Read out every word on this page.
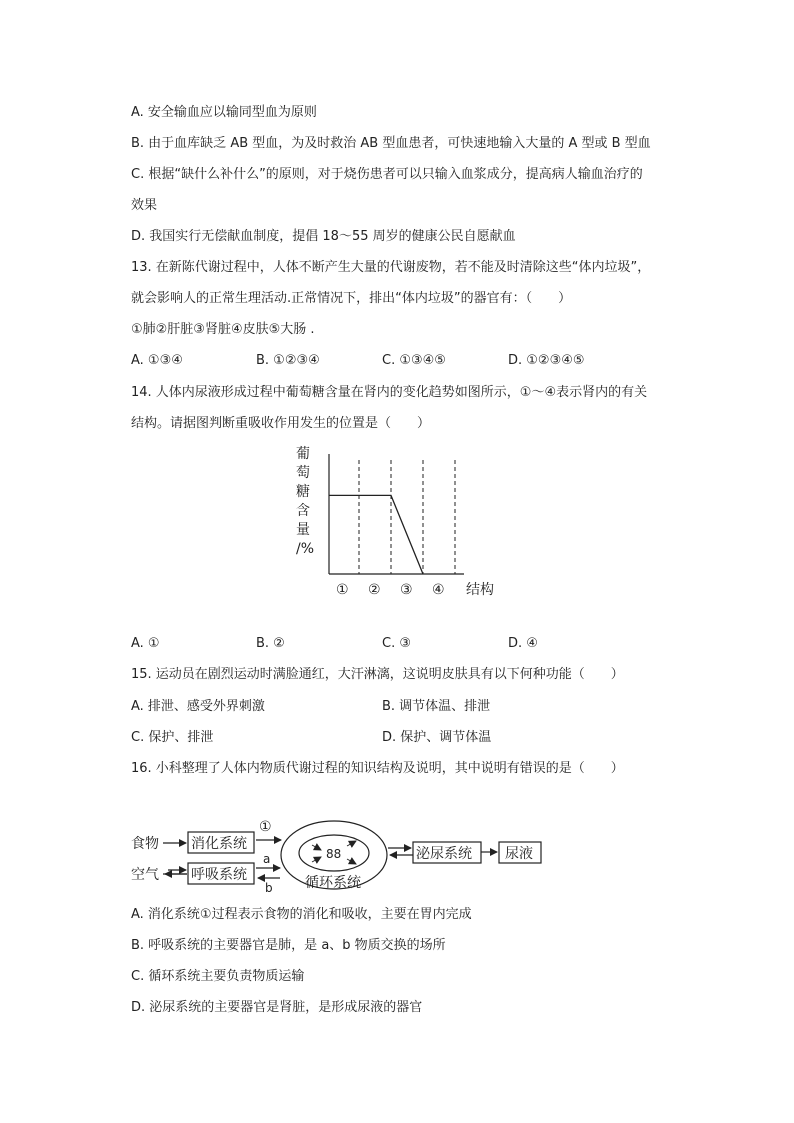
A. 安全输血应以输同型血为原则
B. 由于血库缺乏 AB 型血，为及时救治 AB 型血患者，可快速地输入大量的 A 型或 B 型血
C. 根据“缺什么补什么”的原则，对于烧伤患者可以只输入血浆成分，提高病人输血治疗的
效果
D. 我国实行无偿献血制度，提倡 18～55 周岁的健康公民自愿献血
13. 在新陈代谢过程中，人体不断产生大量的代谢废物，若不能及时清除这些“体内垃圾”，
就会影响人的正常生理活动.正常情况下，排出“体内垃圾”的器官有：（　　）
①肺②肝脏③肾脏④皮肤⑤大肠 .
A. ①③④	B. ①②③④	C. ①③④⑤	D. ①②③④⑤
14. 人体内尿液形成过程中葡萄糖含量在肾内的变化趋势如图所示，①～④表示肾内的有关
结构。请据图判断重吸收作用发生的位置是（　　）
① ② ③ ④ 结构
葡
萄
糖
含
量
/%
A. ①	B. ②	C. ③	D. ④
15. 运动员在剧烈运动时满脸通红，大汗淋漓，这说明皮肤具有以下何种功能（　　）
A. 排泄、感受外界刺激	B. 调节体温、排泄
C. 保护、排泄	D. 保护、调节体温
16. 小科整理了人体内物质代谢过程的知识结构及说明，其中说明有错误的是（　　）
食物 消化系统
①
空气 呼吸系统
a
b
88
循环系统
泌尿系统 尿液
A. 消化系统①过程表示食物的消化和吸收，主要在胃内完成
B. 呼吸系统的主要器官是肺，是 a、b 物质交换的场所
C. 循环系统主要负责物质运输
D. 泌尿系统的主要器官是肾脏，是形成尿液的器官
